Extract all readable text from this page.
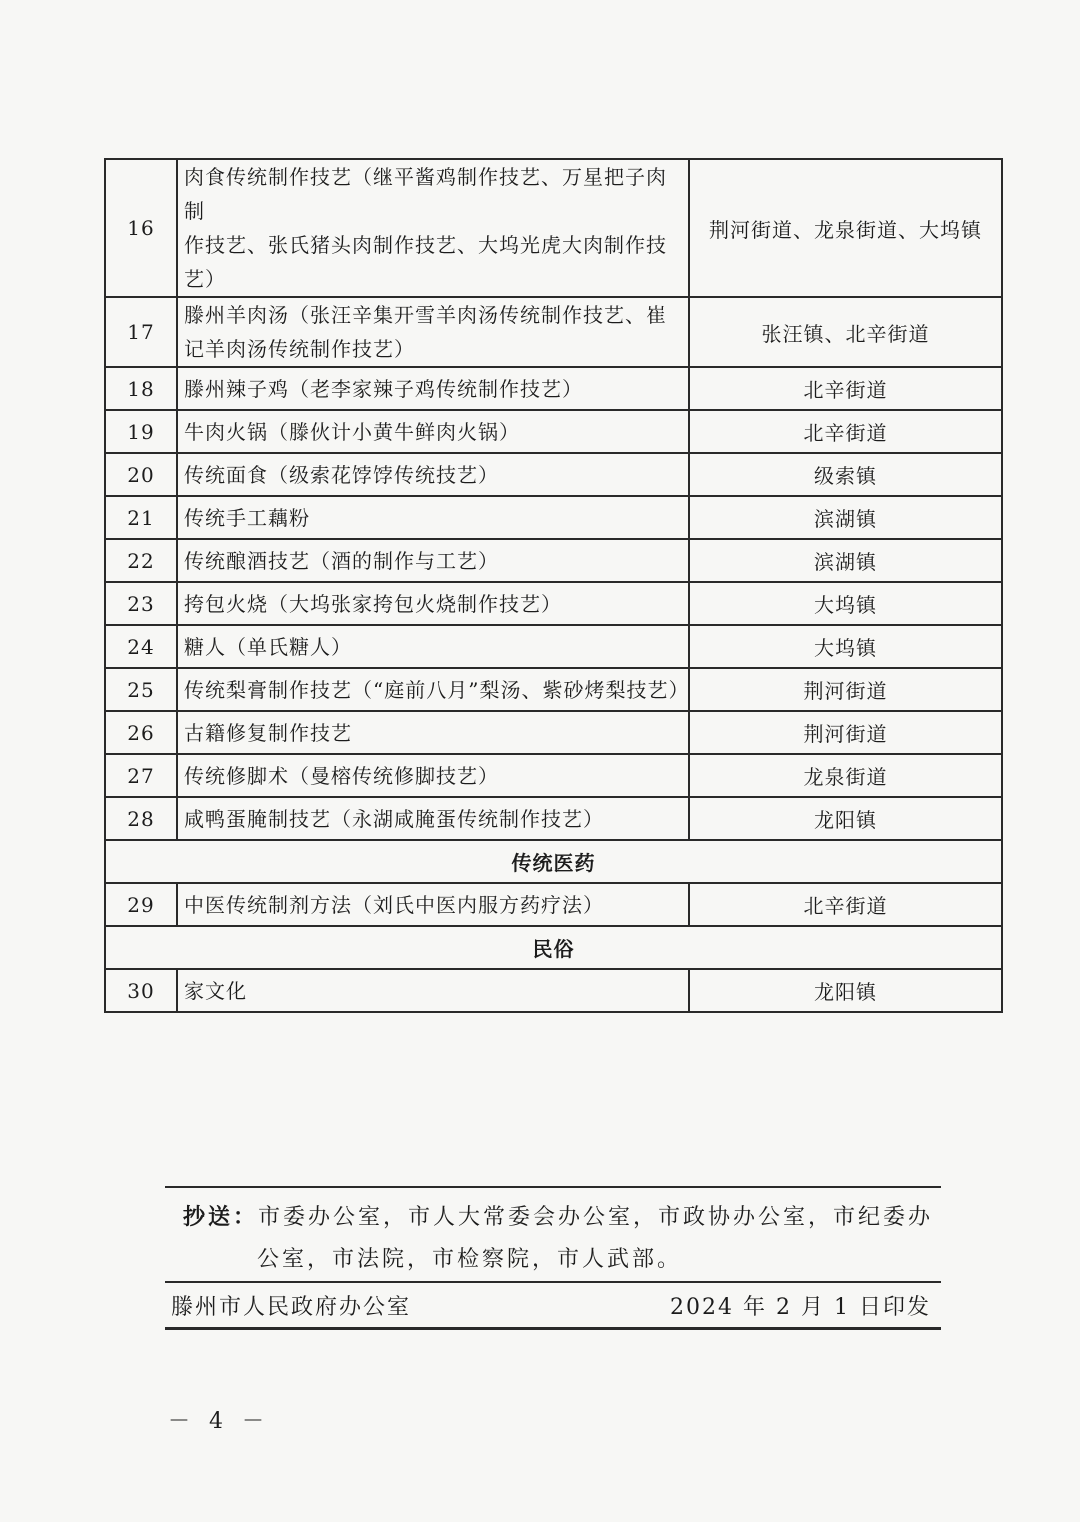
16	肉食传统制作技艺（继平酱鸡制作技艺、万星把子肉制
作技艺、张氏猪头肉制作技艺、大坞光虎大肉制作技艺）	荆河街道、龙泉街道、大坞镇
17	滕州羊肉汤（张汪辛集开雪羊肉汤传统制作技艺、崔
记羊肉汤传统制作技艺）	张汪镇、北辛街道
18	滕州辣子鸡（老李家辣子鸡传统制作技艺）	北辛街道
19	牛肉火锅（滕伙计小黄牛鲜肉火锅）	北辛街道
20	传统面食（级索花饽饽传统技艺）	级索镇
21	传统手工藕粉	滨湖镇
22	传统酿酒技艺（酒的制作与工艺）	滨湖镇
23	挎包火烧（大坞张家挎包火烧制作技艺）	大坞镇
24	糖人（单氏糖人）	大坞镇
25	传统梨膏制作技艺（“庭前八月”梨汤、紫砂烤梨技艺）	荆河街道
26	古籍修复制作技艺	荆河街道
27	传统修脚术（曼榕传统修脚技艺）	龙泉街道
28	咸鸭蛋腌制技艺（永湖咸腌蛋传统制作技艺）	龙阳镇
传统医药		
29	中医传统制剂方法（刘氏中医内服方药疗法）	北辛街道
民俗		
30	家文化	龙阳镇
抄送：市委办公室，市人大常委会办公室，市政协办公室，市纪委办
公室，市法院，市检察院，市人武部。
滕州市人民政府办公室	2024 年 2 月 1 日印发
－ 4 －
